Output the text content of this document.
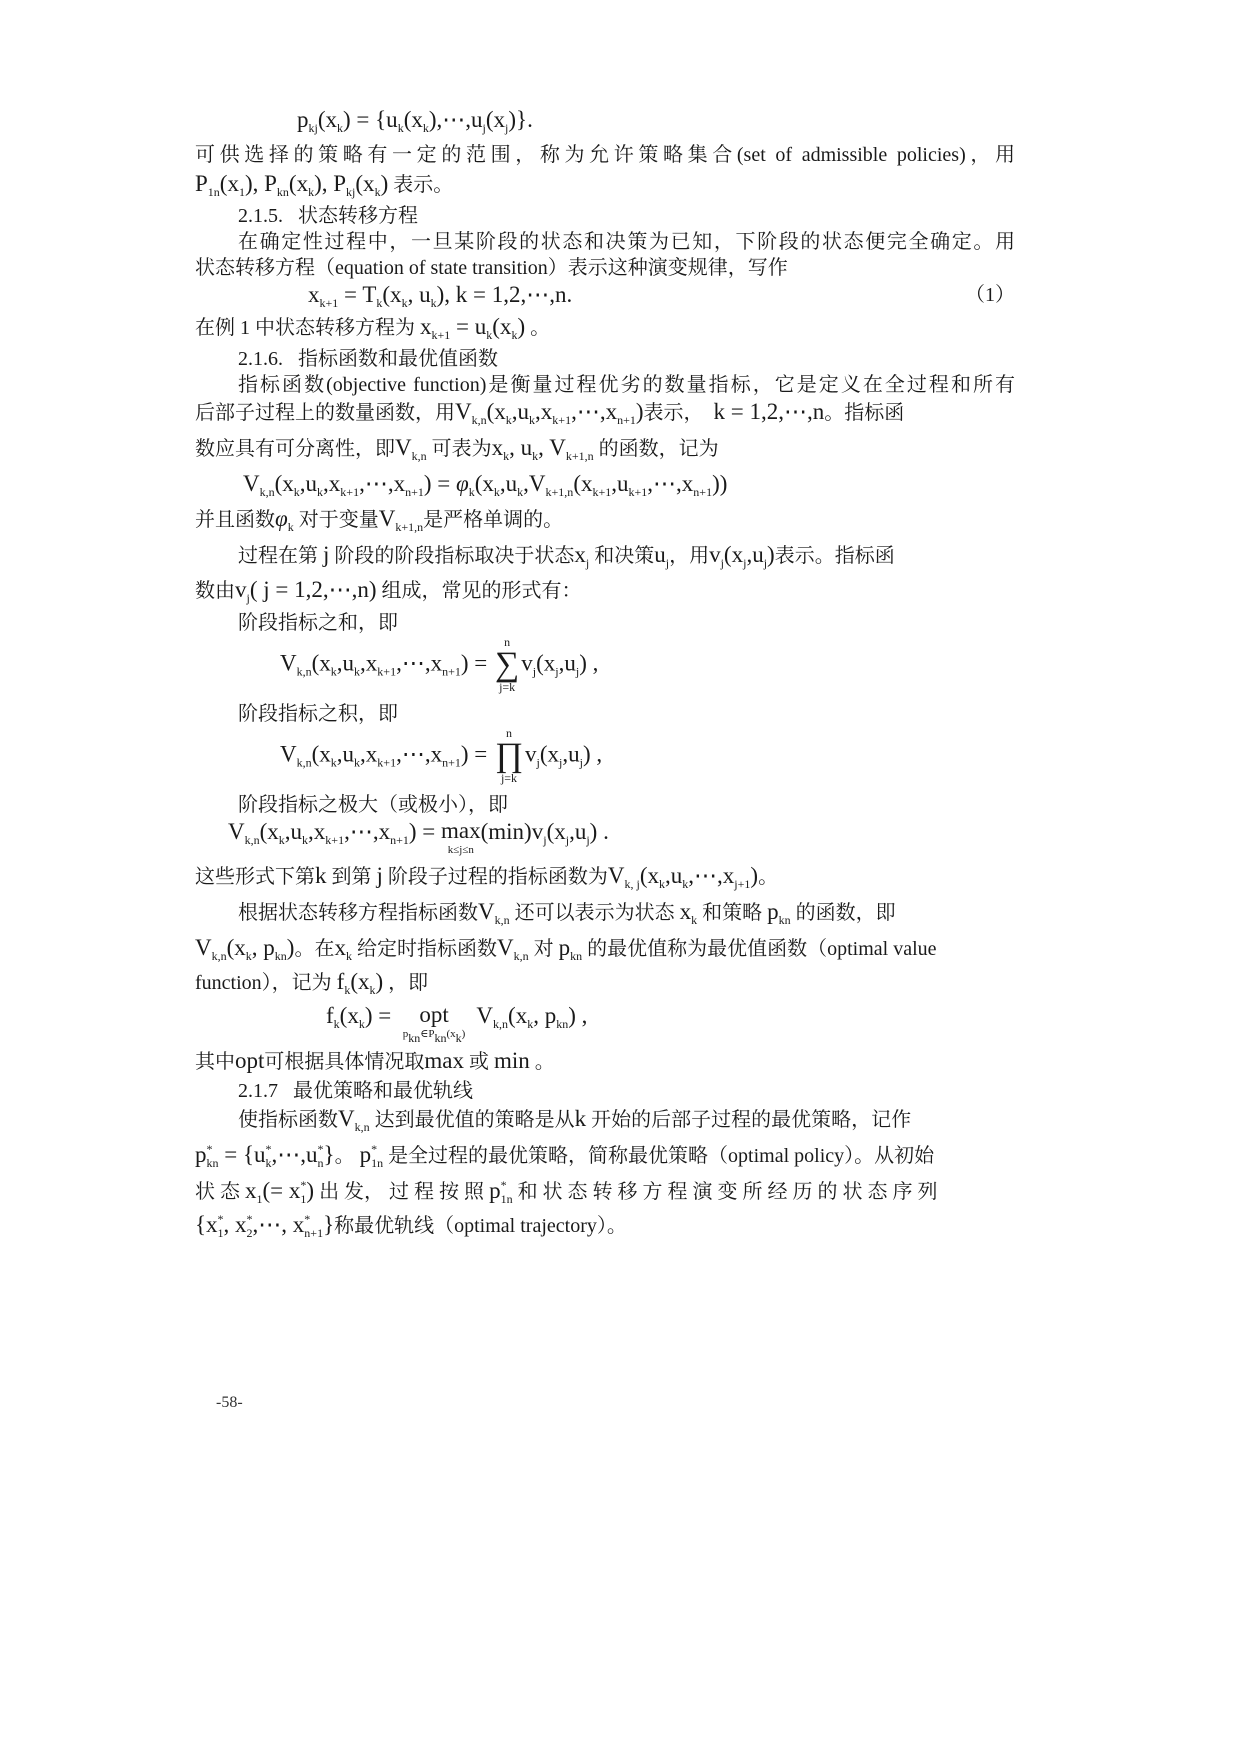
$p_{kj}(x_k)$ = $\{u_k(x_k),\cdots,u_j(x_j)\}$.
可供选择的策略有一定的范围，称为允许策略集合(set of admissible policies)，用
$P_{1n}(x_1)$, $P_{kn}(x_k)$, $P_{kj}(x_k)$ 表示。
2.1.5. 状态转移方程
在确定性过程中，一旦某阶段的状态和决策为已知，下阶段的状态便完全确定。用
状态转移方程（equation of state transition）表示这种演变规律，写作
$x_{k+1} = T_k(x_k$, $u_k$), k = 1,2,⋯,n.	（1）
在例 1 中状态转移方程为 $x_{k+1} = u_k(x_k)$ 。
2.1.6. 指标函数和最优值函数
指标函数(objective function)是衡量过程优劣的数量指标，它是定义在全过程和所有
后部子过程上的数量函数，用$V_{k,n}(x_k,u_k,x_{k+1},\cdots,x_{n+1})$表示， k = 1,2,⋯,n。指标函
数应具有可分离性，即$V_{k,n}$ 可表为$x_k$, $u_k$, $V_{k+1,n}$ 的函数，记为
$V_{k,n}(x_k,u_k,x_{k+1},\cdots,x_{n+1})$ = $\varphi_k(x_k,u_k,V_{k+1,n}(x_{k+1},u_{k+1},\cdots,x_{n+1}))$
并且函数$\varphi_k$ 对于变量$V_{k+1,n}$是严格单调的。
过程在第 j 阶段的阶段指标取决于状态$x_j$ 和决策$u_j$，用$v_j(x_j,u_j)$表示。指标函
数由$v_j$( j = 1,2,⋯,n) 组成，常见的形式有：
阶段指标之和，即
$V_{k,n}(x_k,u_k,x_{k+1},\cdots,x_{n+1})$ =
n
∑
j=k
$v_j(x_j,u_j)$ ,
阶段指标之积，即
$V_{k,n}(x_k,u_k,x_{k+1},\cdots,x_{n+1})$ =
n
∏
j=k
$v_j(x_j,u_j)$ ,
阶段指标之极大（或极小），即
$V_{k,n}(x_k,u_k,x_{k+1},\cdots,x_{n+1}) = \max$
k≤j≤n
$(\min)v_j(x_j,u_j)$ .
这些形式下第k 到第 j 阶段子过程的指标函数为$V_{k, j}(x_k,u_k,\cdots,x_{j+1})$。
根据状态转移方程指标函数$V_{k,n}$ 还可以表示为状态 $x_k$ 和策略 $p_{kn}$ 的函数，即
$V_{k,n}(x_k$, $p_{kn}$)。在$x_k$ 给定时指标函数$V_{k,n}$ 对 $p_{kn}$ 的最优值称为最优值函数（optimal value
function），记为 $f_k(x_k)$ ，即
$f_k(x_k)$ = opt
$p_{kn}\in P_{kn}(x_k)$
$V_{k,n}(x_k$, $p_{kn}$) ,
其中opt可根据具体情况取max 或 min 。
2.1.7 最优策略和最优轨线
使指标函数$V_{k,n}$ 达到最优值的策略是从k 开始的后部子过程的最优策略，记作
$p^*_{kn}$ = $\{u^*_k,\cdots,u^*_n\}$。 $p^*_{1n}$ 是全过程的最优策略，简称最优策略（optimal policy）。从初始
状 态 $x_1(= x^*_1)$ 出 发， 过 程 按 照 $p^*_{1n}$ 和 状 态 转 移 方 程 演 变 所 经 历 的 状 态 序 列
{$x^*_1$, $x^*_2,\cdots$, $x^*_{n+1}$}称最优轨线（optimal trajectory）。
-58-
